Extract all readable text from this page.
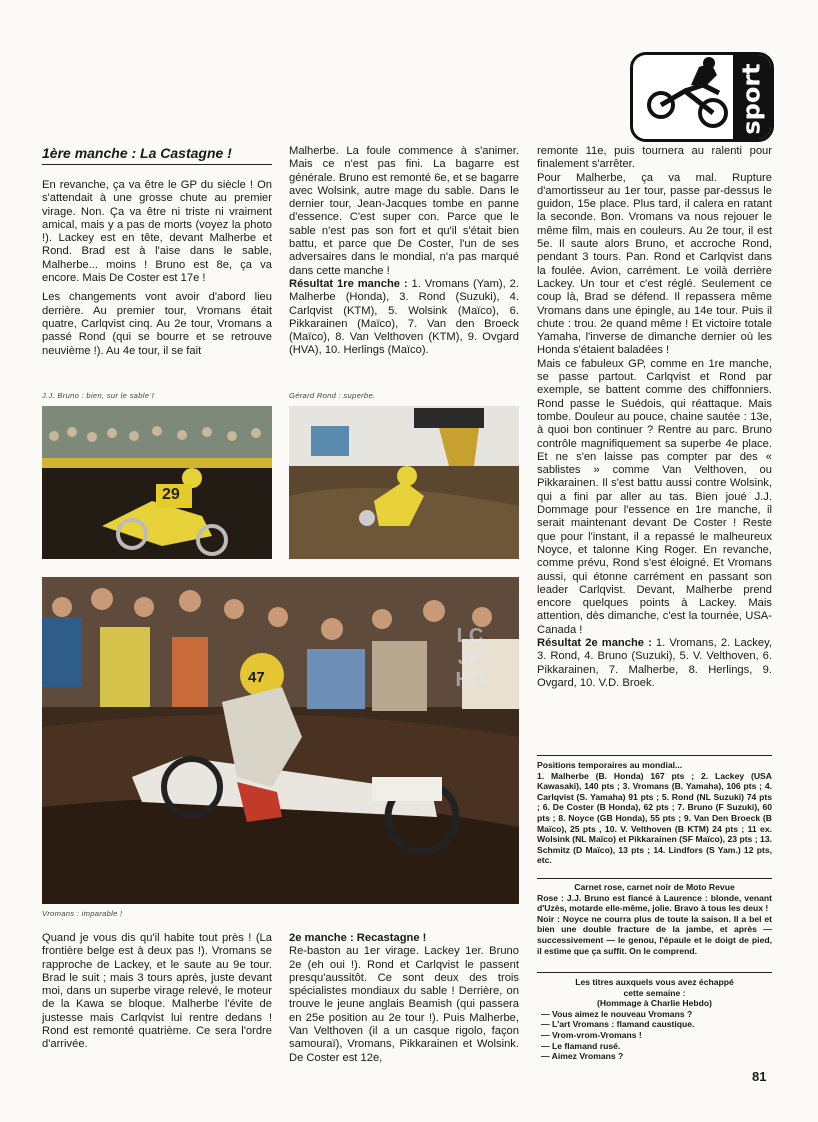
sport
1ère manche : La Castagne !

En revanche, ça va être le GP du siècle ! On s'attendait à une grosse chute au premier virage. Non. Ça va être ni triste ni vraiment amical, mais y a pas de morts (voyez la photo !). Lackey est en tête, devant Malherbe et Rond. Brad est à l'aise dans le sable, Malherbe... moins ! Bruno est 8e, ça va encore. Mais De Coster est 17e !

Les changements vont avoir d'abord lieu derrière. Au premier tour, Vromans était quatre, Carlqvist cinq. Au 2e tour, Vromans a passé Rond (qui se bourre et se retrouve neuvième !). Au 4e tour, il se fait

Malherbe. La foule commence à s'animer. Mais ce n'est pas fini. La bagarre est générale. Bruno est remonté 6e, et se bagarre avec Wolsink, autre mage du sable. Dans le dernier tour, Jean-Jacques tombe en panne d'essence. C'est super con. Parce que le sable n'est pas son fort et qu'il s'était bien battu, et parce que De Coster, l'un de ses adversaires dans le mondial, n'a pas marqué dans cette manche !

Résultat 1re manche : 1. Vromans (Yam), 2. Malherbe (Honda), 3. Rond (Suzuki), 4. Carlqvist (KTM), 5. Wolsink (Maïco), 6. Pikkarainen (Maïco), 7. Van den Broeck (Maïco), 8. Van Velthoven (KTM), 9. Ovgard (HVA), 10. Herlings (Maïco).

remonte 11e, puis tournera au ralenti pour finalement s'arrêter.

Pour Malherbe, ça va mal. Rupture d'amortisseur au 1er tour, passe par-dessus le guidon, 15e place. Plus tard, il calera en ratant la seconde. Bon. Vromans va nous rejouer le même film, mais en couleurs. Au 2e tour, il est 5e. Il saute alors Bruno, et accroche Rond, pendant 3 tours. Pan. Rond et Carlqvist dans la foulée. Avion, carrément. Le voilà derrière Lackey. Un tour et c'est réglé. Seulement ce coup là, Brad se défend. Il repassera même Vromans dans une épingle, au 14e tour. Puis il chute : trou. 2e quand même ! Et victoire totale Yamaha, l'inverse de dimanche dernier où les Honda s'étaient baladées !

Mais ce fabuleux GP, comme en 1re manche, se passe partout. Carlqvist et Rond par exemple, se battent comme des chiffonniers. Rond passe le Suédois, qui réattaque. Mais tombe. Douleur au pouce, chaine sautée : 13e, à quoi bon continuer ? Rentre au parc. Bruno contrôle magnifiquement sa superbe 4e place. Et ne s'en laisse pas compter par des « sablistes » comme Van Velthoven, ou Pikkarainen. Il s'est battu aussi contre Wolsink, qui a fini par aller au tas. Bien joué J.J. Dommage pour l'essence en 1re manche, il serait maintenant devant De Coster ! Reste que pour l'instant, il a repassé le malheureux Noyce, et talonne King Roger. En revanche, comme prévu, Rond s'est éloigné. Et Vromans aussi, qui étonne carrément en passant son leader Carlqvist. Devant, Malherbe prend encore quelques points à Lackey. Mais attention, dès dimanche, c'est la tournée, USA-Canada !

Résultat 2e manche : 1. Vromans, 2. Lackey, 3. Rond, 4. Bruno (Suzuki), 5. V. Velthoven, 6. Pikkarainen, 7. Malherbe, 8. Herlings, 9. Ovgard, 10. V.D. Broek.

Positions temporaires au mondial...
1. Malherbe (B. Honda) 167 pts ; 2. Lackey (USA Kawasaki), 140 pts ; 3. Vromans (B. Yamaha), 106 pts ; 4. Carlqvist (S. Yamaha) 91 pts ; 5. Rond (NL Suzuki) 74 pts ; 6. De Coster (B Honda), 62 pts ; 7. Bruno (F Suzuki), 60 pts ; 8. Noyce (GB Honda), 55 pts ; 9. Van Den Broeck (B Maïco), 25 pts , 10. V. Velthoven (B KTM) 24 pts ; 11 ex. Wolsink (NL Maïco) et Pikkarainen (SF Maïco), 23 pts ; 13. Schmitz (D Maïco), 13 pts ; 14. Lindfors (S Yam.) 12 pts, etc.
Carnet rose, carnet noir de Moto Revue
Rose : J.J. Bruno est fiancé à Laurence : blonde, venant d'Uzès, motarde elle-même, jolie. Bravo à tous les deux !
Noir : Noyce ne courra plus de toute la saison. Il a bel et bien une double fracture de la jambe, et après — successivement — le genou, l'épaule et le doigt de pied, il estime que ça suffit. On le comprend.
Les titres auxquels vous avez échappé
cette semaine :
(Hommage à Charlie Hebdo)
— Vous aimez le nouveau Vromans ?
— L'art Vromans : flamand caustique.
— Vrom-vrom-Vromans !
— Le flamand rusé.
— Aimez Vromans ?
J.J. Bruno : bien, sur le sable !
29
Gérard Rond : superbe.
47
LC
JP
HD
Vromans : imparable !
Quand je vous dis qu'il habite tout près ! (La frontière belge est à deux pas !). Vromans se rapproche de Lackey, et le saute au 9e tour. Brad le suit ; mais 3 tours après, juste devant moi, dans un superbe virage relevé, le moteur de la Kawa se bloque. Malherbe l'évite de justesse mais Carlqvist lui rentre dedans ! Rond est remonté quatrième. Ce sera l'ordre d'arrivée.
2e manche : Recastagne !
Re-baston au 1er virage. Lackey 1er. Bruno 2e (eh oui !). Rond et Carlqvist le passent presqu'aussitôt. Ce sont deux des trois spécialistes mondiaux du sable ! Derrière, on trouve le jeune anglais Beamish (qui passera en 25e position au 2e tour !). Puis Malherbe, Van Velthoven (il a un casque rigolo, façon samouraï), Vromans, Pikkarainen et Wolsink. De Coster est 12e,
81
